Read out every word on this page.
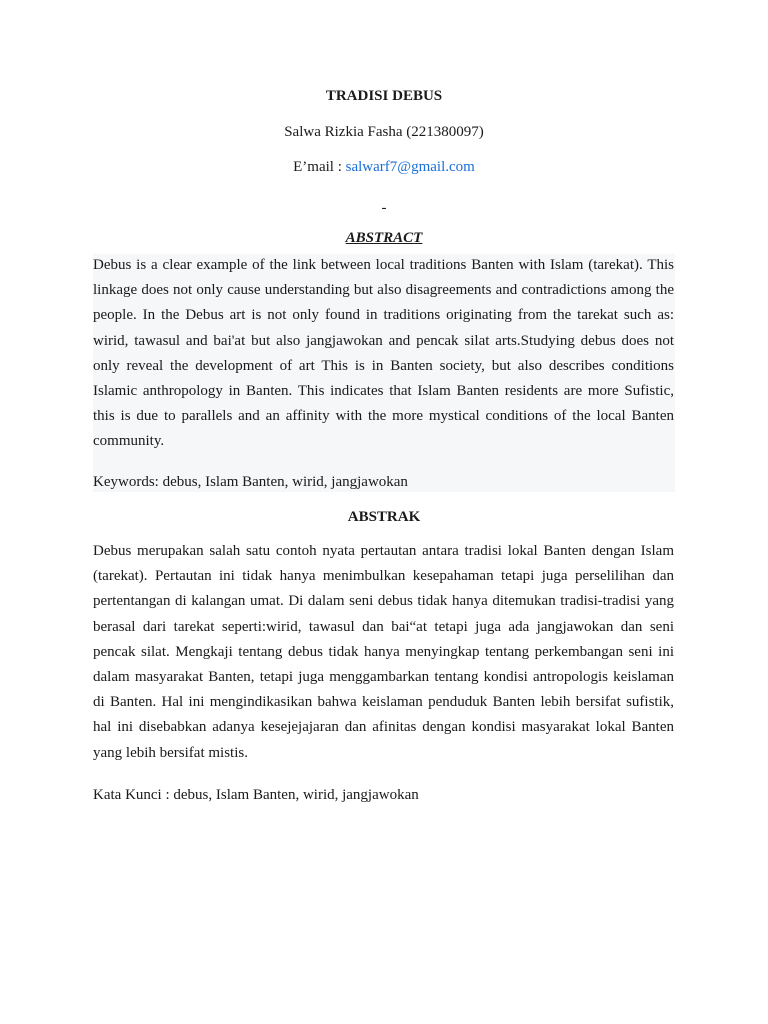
TRADISI DEBUS
Salwa Rizkia Fasha (221380097)
E’mail : salwarf7@gmail.com
-
ABSTRACT

Debus is a clear example of the link between local traditions Banten with Islam (tarekat). This linkage does not only cause understanding but also disagreements and contradictions among the people. In the Debus art is not only found in traditions originating from the tarekat such as: wirid, tawasul and bai'at but also jangjawokan and pencak silat arts.Studying debus does not only reveal the development of art This is in Banten society, but also describes conditions Islamic anthropology in Banten. This indicates that Islam Banten residents are more Sufistic, this is due to parallels and an affinity with the more mystical conditions of the local Banten community.

Keywords: debus, Islam Banten, wirid, jangjawokan

ABSTRAK

Debus merupakan salah satu contoh nyata pertautan antara tradisi lokal Banten dengan Islam (tarekat). Pertautan ini tidak hanya menimbulkan kesepahaman tetapi juga perselilihan dan pertentangan di kalangan umat. Di dalam seni debus tidak hanya ditemukan tradisi-tradisi yang berasal dari tarekat seperti:wirid, tawasul dan bai“at tetapi juga ada jangjawokan dan seni pencak silat. Mengkaji tentang debus tidak hanya menyingkap tentang perkembangan seni ini dalam masyarakat Banten, tetapi juga menggambarkan tentang kondisi antropologis keislaman di Banten. Hal ini mengindikasikan bahwa keislaman penduduk Banten lebih bersifat sufistik, hal ini disebabkan adanya kesejejajaran dan afinitas dengan kondisi masyarakat lokal Banten yang lebih bersifat mistis.

Kata Kunci : debus, Islam Banten, wirid, jangjawokan
